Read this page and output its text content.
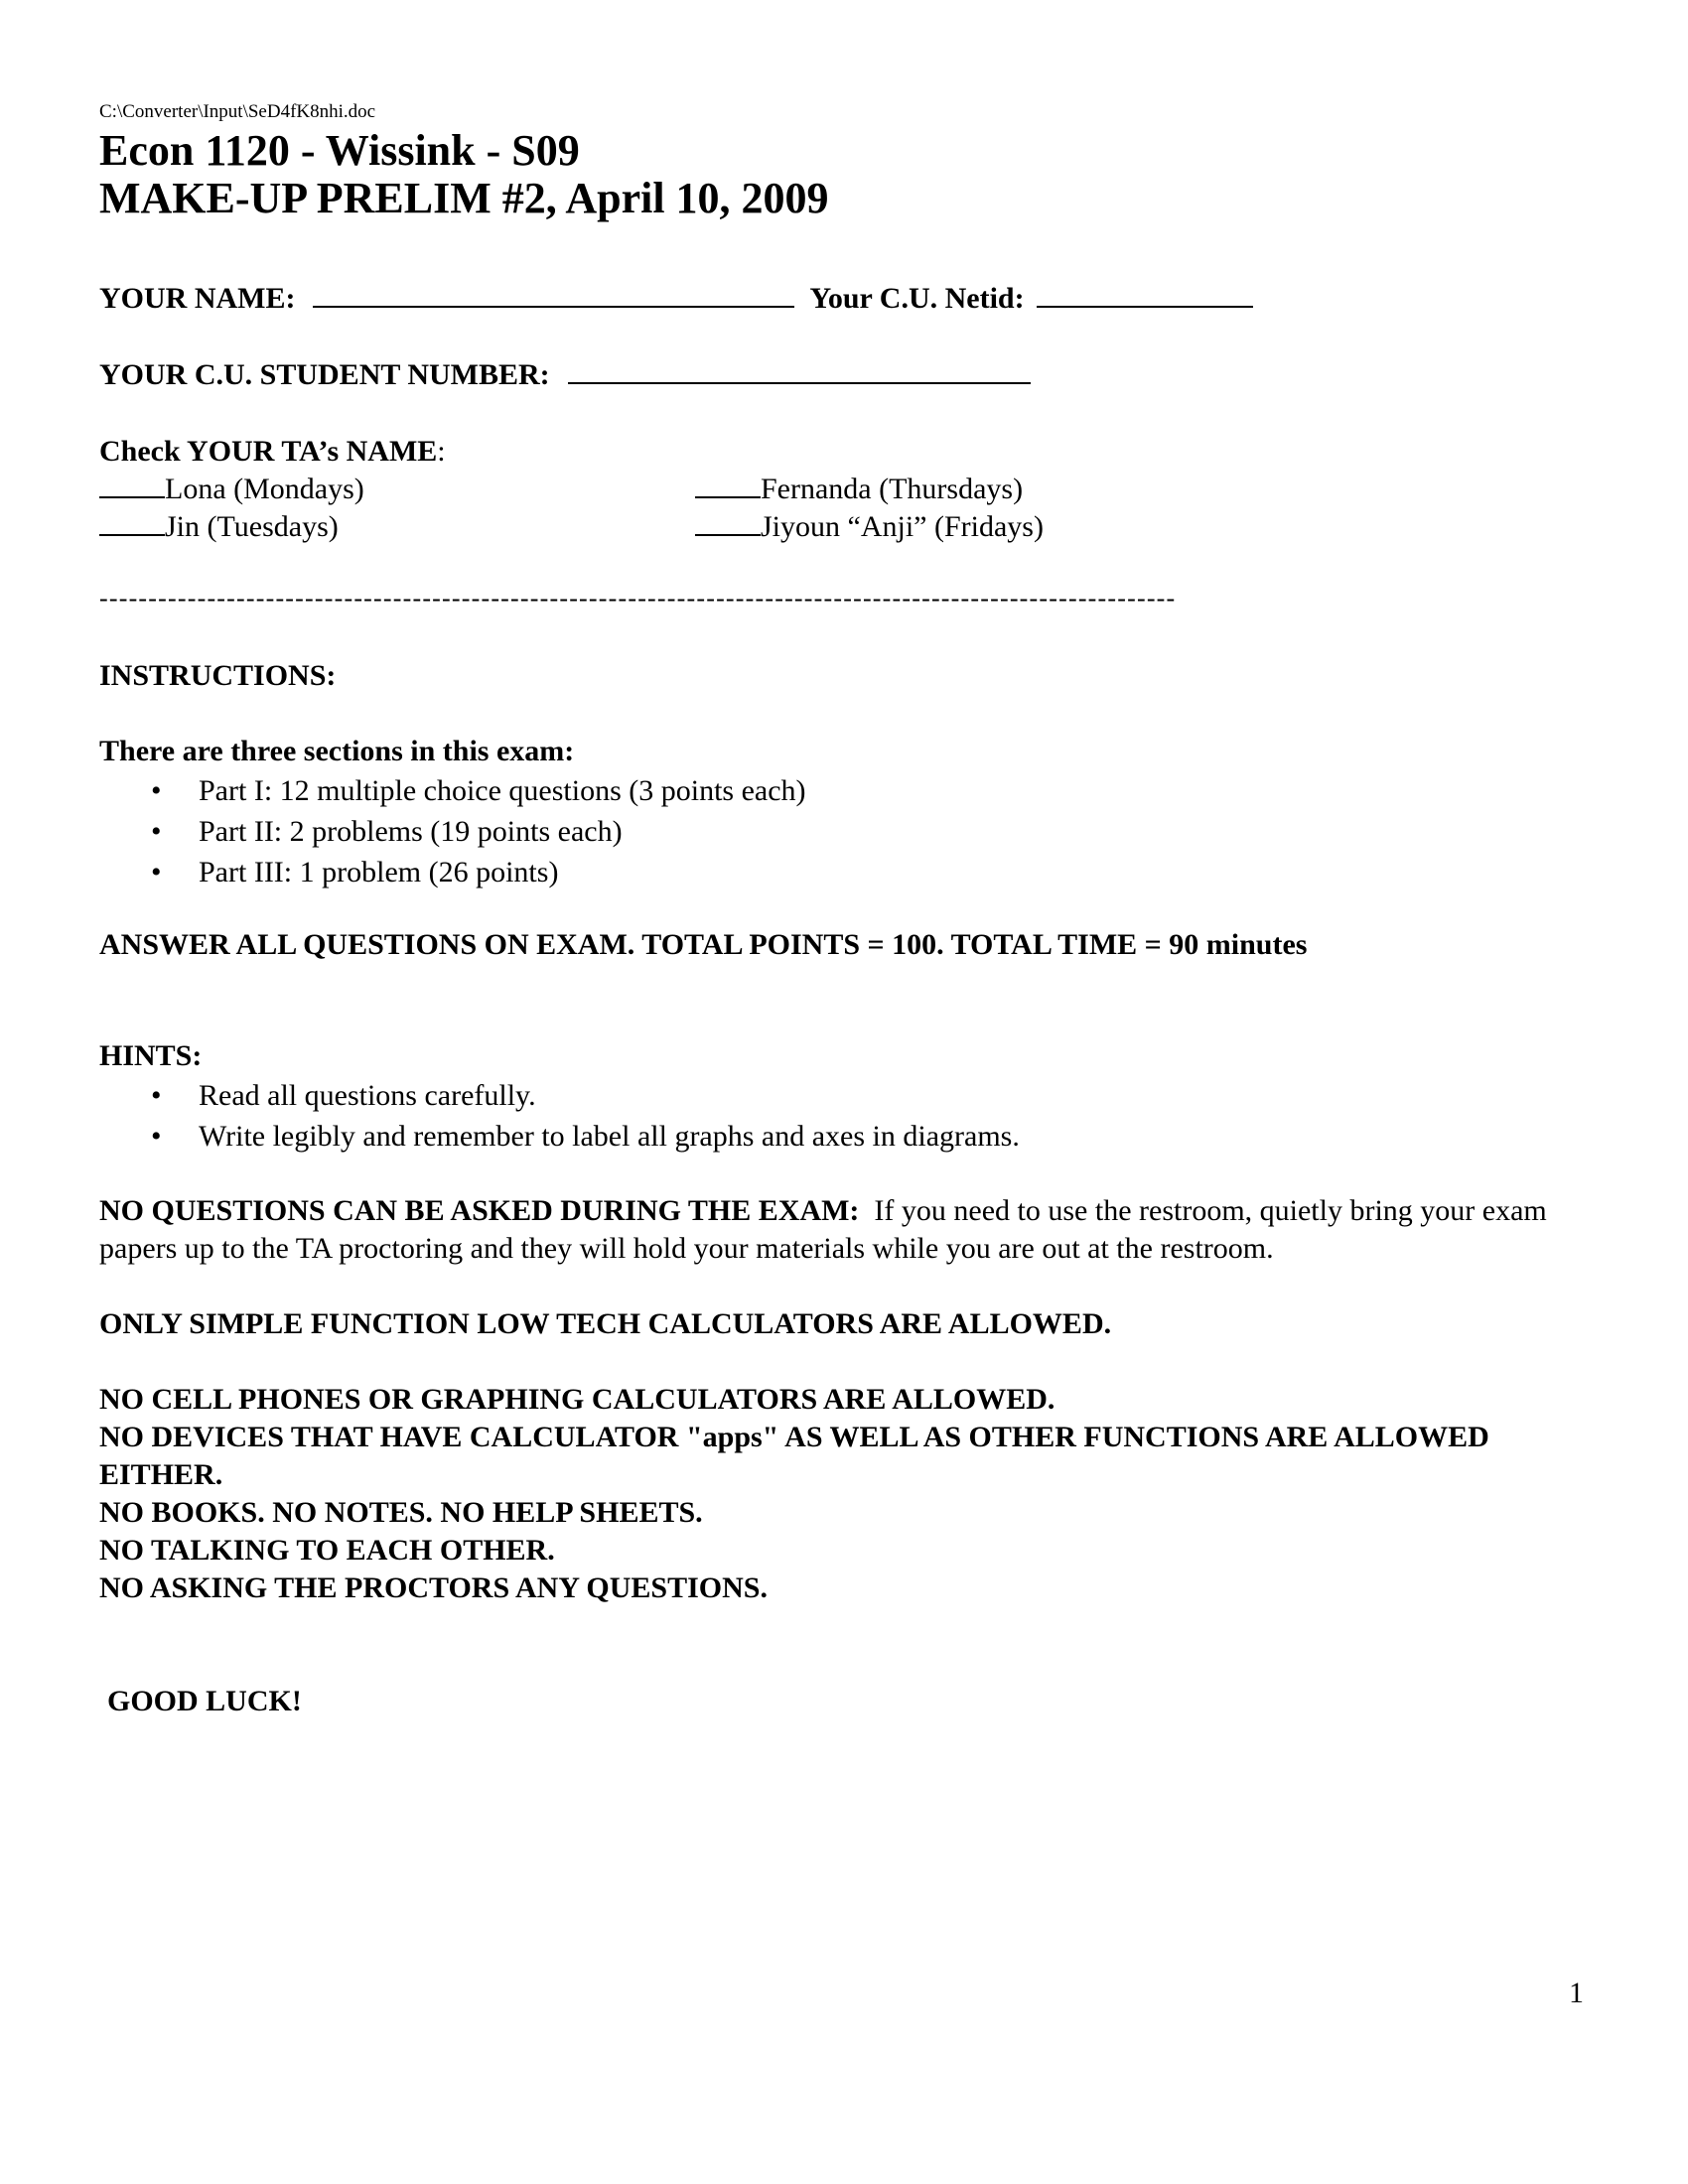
C:\Converter\Input\SeD4fK8nhi.doc
Econ 1120 - Wissink - S09
MAKE-UP PRELIM #2, April 10, 2009
YOUR NAME:	Your C.U. Netid:
YOUR C.U. STUDENT NUMBER:
Check YOUR TA’s NAME:
Lona (Mondays)	Fernanda (Thursdays)
Jin (Tuesdays)	Jiyoun “Anji” (Fridays)
--------------------------------------------------------------------------------------------------------------
INSTRUCTIONS:
There are three sections in this exam:
• Part I: 12 multiple choice questions (3 points each)
• Part II: 2 problems (19 points each)
• Part III: 1 problem (26 points)

ANSWER ALL QUESTIONS ON EXAM. TOTAL POINTS = 100. TOTAL TIME = 90 minutes

HINTS:
• Read all questions carefully.
• Write legibly and remember to label all graphs and axes in diagrams.

NO QUESTIONS CAN BE ASKED DURING THE EXAM: If you need to use the restroom, quietly bring your exam papers up to the TA proctoring and they will hold your materials while you are out at the restroom.

ONLY SIMPLE FUNCTION LOW TECH CALCULATORS ARE ALLOWED.

NO CELL PHONES OR GRAPHING CALCULATORS ARE ALLOWED.
NO DEVICES THAT HAVE CALCULATOR "apps" AS WELL AS OTHER FUNCTIONS ARE ALLOWED EITHER.
NO BOOKS. NO NOTES. NO HELP SHEETS.
NO TALKING TO EACH OTHER.
NO ASKING THE PROCTORS ANY QUESTIONS.

GOOD LUCK!

1
